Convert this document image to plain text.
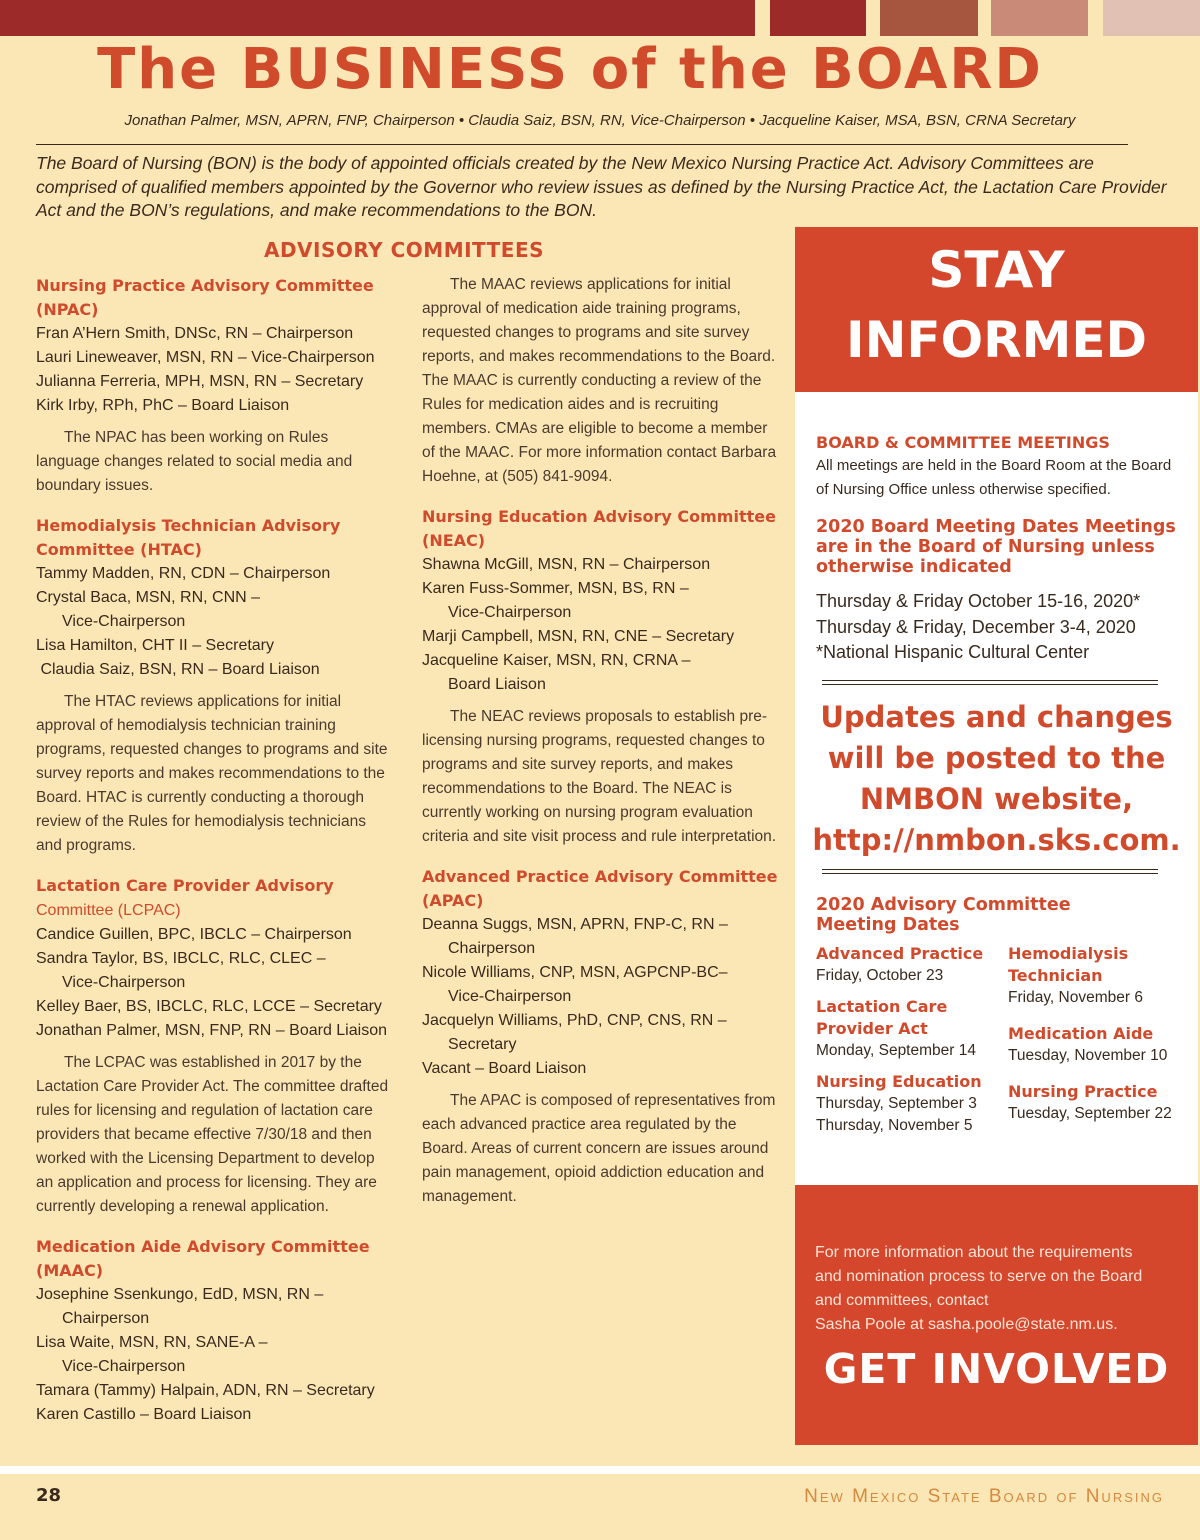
The BUSINESS of the BOARD
Jonathan Palmer, MSN, APRN, FNP, Chairperson • Claudia Saiz, BSN, RN, Vice-Chairperson • Jacqueline Kaiser, MSA, BSN, CRNA Secretary

The Board of Nursing (BON) is the body of appointed officials created by the New Mexico Nursing Practice Act. Advisory Committees are comprised of qualified members appointed by the Governor who review issues as defined by the Nursing Practice Act, the Lactation Care Provider Act and the BON’s regulations, and make recommendations to the BON.

ADVISORY COMMITTEES
Nursing Practice Advisory Committee
(NPAC)
Fran A’Hern Smith, DNSc, RN – Chairperson
Lauri Lineweaver, MSN, RN – Vice-Chairperson
Julianna Ferreria, MPH, MSN, RN – Secretary
Kirk Irby, RPh, PhC – Board Liaison

The NPAC has been working on Rules language changes related to social media and boundary issues.

Hemodialysis Technician Advisory
Committee (HTAC)
Tammy Madden, RN, CDN – Chairperson
Crystal Baca, MSN, RN, CNN –
Vice-Chairperson
Lisa Hamilton, CHT II – Secretary
Claudia Saiz, BSN, RN – Board Liaison

The HTAC reviews applications for initial approval of hemodialysis technician training programs, requested changes to programs and site survey reports and makes recommendations to the Board. HTAC is currently conducting a thorough review of the Rules for hemodialysis technicians and programs.

Lactation Care Provider Advisory
Committee (LCPAC)
Candice Guillen, BPC, IBCLC – Chairperson
Sandra Taylor, BS, IBCLC, RLC, CLEC –
Vice-Chairperson
Kelley Baer, BS, IBCLC, RLC, LCCE – Secretary
Jonathan Palmer, MSN, FNP, RN – Board Liaison

The LCPAC was established in 2017 by the Lactation Care Provider Act. The committee drafted rules for licensing and regulation of lactation care providers that became effective 7/30/18 and then worked with the Licensing Department to develop an application and process for licensing. They are currently developing a renewal application.

Medication Aide Advisory Committee
(MAAC)
Josephine Ssenkungo, EdD, MSN, RN –
Chairperson
Lisa Waite, MSN, RN, SANE-A –
Vice-Chairperson
Tamara (Tammy) Halpain, ADN, RN – Secretary
Karen Castillo – Board Liaison

The MAAC reviews applications for initial approval of medication aide training programs, requested changes to programs and site survey reports, and makes recommendations to the Board. The MAAC is currently conducting a review of the Rules for medication aides and is recruiting members. CMAs are eligible to become a member of the MAAC. For more information contact Barbara Hoehne, at (505) 841-9094.

Nursing Education Advisory Committee
(NEAC)
Shawna McGill, MSN, RN – Chairperson
Karen Fuss-Sommer, MSN, BS, RN –
Vice-Chairperson
Marji Campbell, MSN, RN, CNE – Secretary
Jacqueline Kaiser, MSN, RN, CRNA –
Board Liaison

The NEAC reviews proposals to establish pre-licensing nursing programs, requested changes to programs and site survey reports, and makes recommendations to the Board. The NEAC is currently working on nursing program evaluation criteria and site visit process and rule interpretation.

Advanced Practice Advisory Committee
(APAC)
Deanna Suggs, MSN, APRN, FNP-C, RN –
Chairperson
Nicole Williams, CNP, MSN, AGPCNP-BC–
Vice-Chairperson
Jacquelyn Williams, PhD, CNP, CNS, RN –
Secretary
Vacant – Board Liaison

The APAC is composed of representatives from each advanced practice area regulated by the Board. Areas of current concern are issues around pain management, opioid addiction education and management.

STAY
INFORMED
BOARD & COMMITTEE MEETINGS
All meetings are held in the Board Room at the Board of Nursing Office unless otherwise specified.
2020 Board Meeting Dates Meetings are in the Board of Nursing unless otherwise indicated
Thursday & Friday October 15-16, 2020*
Thursday & Friday, December 3-4, 2020
*National Hispanic Cultural Center
Updates and changes
will be posted to the
NMBON website,
http://nmbon.sks.com.
2020 Advisory Committee
Meeting Dates
Advanced Practice
Friday, October 23
Lactation Care Provider Act
Monday, September 14
Nursing Education
Thursday, September 3
Thursday, November 5
Hemodialysis Technician
Friday, November 6
Medication Aide
Tuesday, November 10
Nursing Practice
Tuesday, September 22
For more information about the requirements
and nomination process to serve on the Board
and committees, contact
Sasha Poole at sasha.poole@state.nm.us.
GET INVOLVED
28	New Mexico State Board of Nursing
